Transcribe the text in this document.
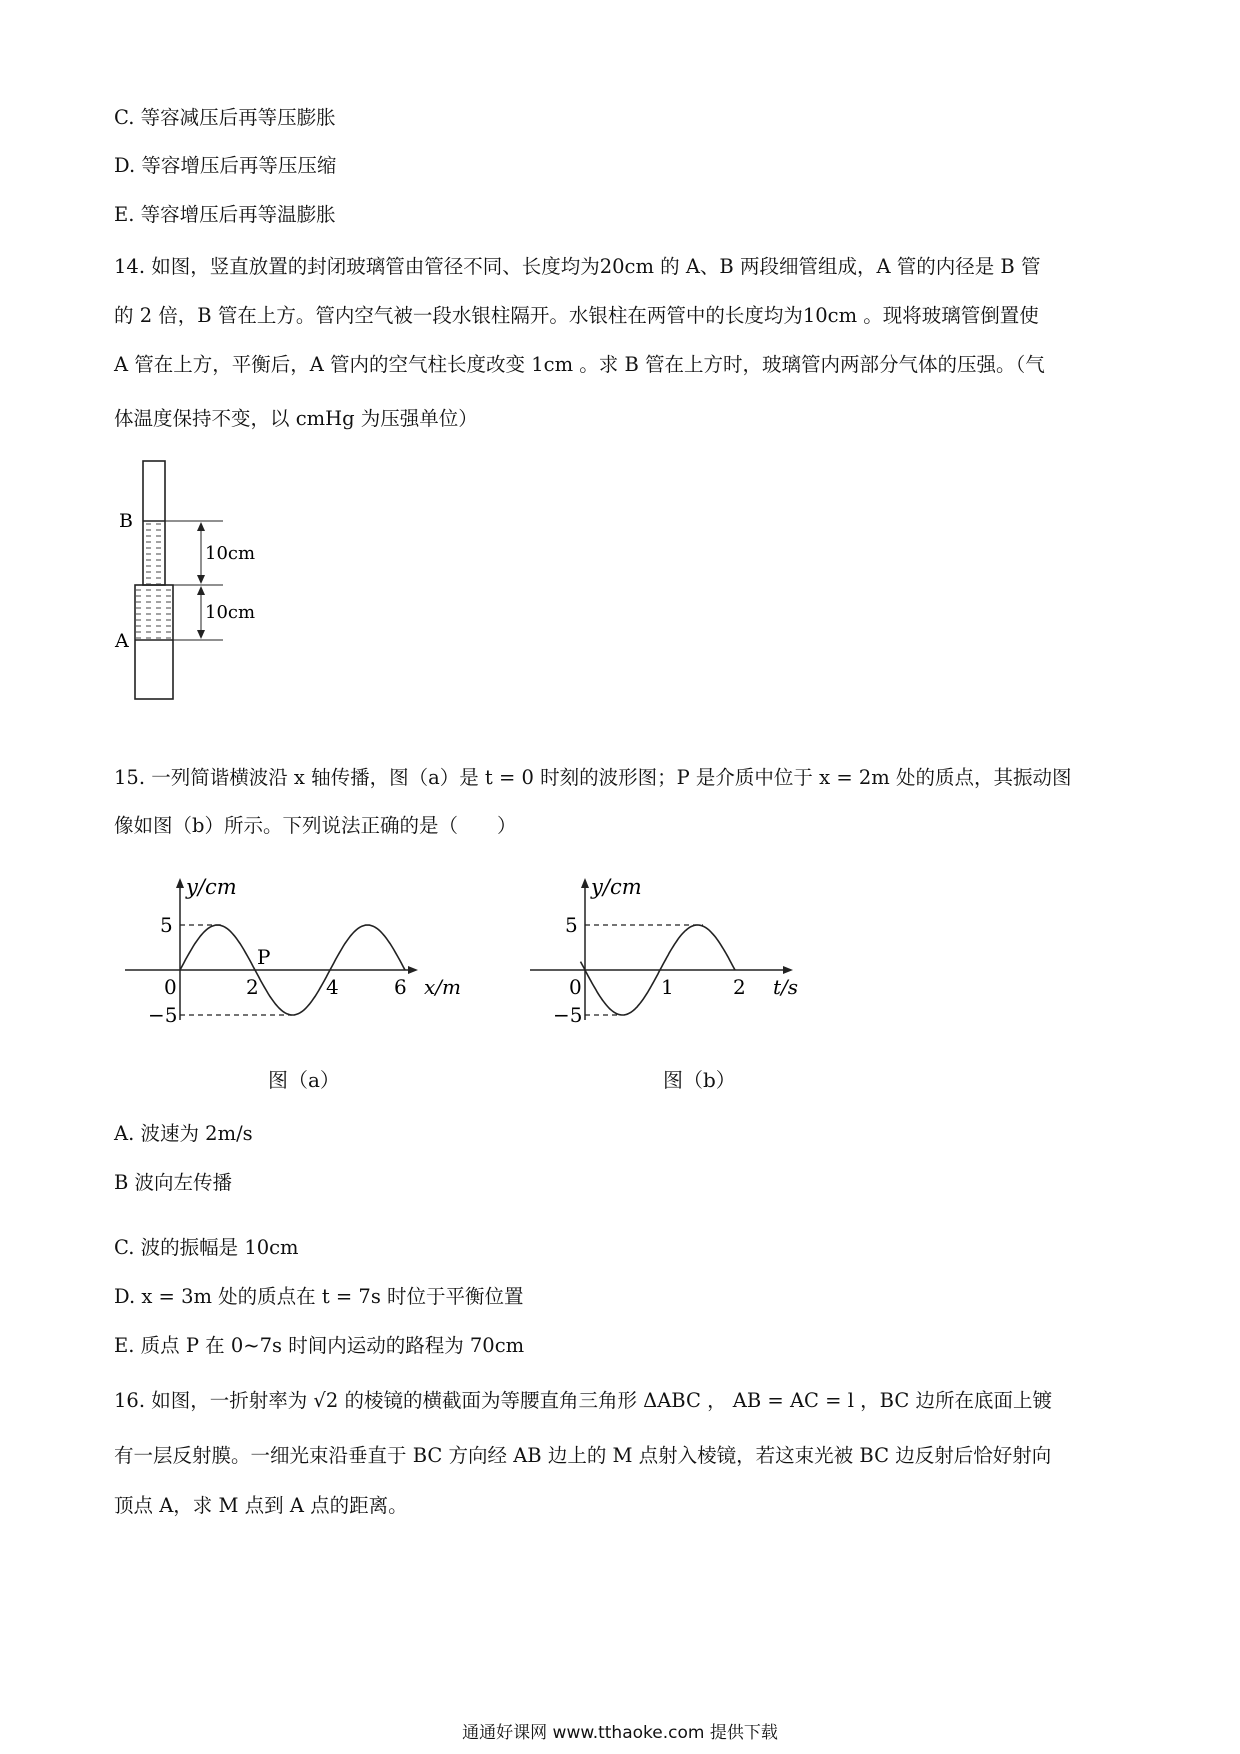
C. 等容减压后再等压膨胀
D. 等容增压后再等压压缩
E. 等容增压后再等温膨胀
14. 如图，竖直放置的封闭玻璃管由管径不同、长度均为20cm 的 A、B 两段细管组成，A 管的内径是 B 管
的 2 倍，B 管在上方。管内空气被一段水银柱隔开。水银柱在两管中的长度均为10cm 。现将玻璃管倒置使
A 管在上方，平衡后，A 管内的空气柱长度改变 1cm 。求 B 管在上方时，玻璃管内两部分气体的压强。（气
体温度保持不变，以 cmHg 为压强单位）
B
A
10cm
10cm
15. 一列简谐横波沿 x 轴传播，图（a）是 t = 0 时刻的波形图；P 是介质中位于 x = 2m 处的质点，其振动图
像如图（b）所示。下列说法正确的是（　　）
P
y/cm
5
−5
0	2	4	6 x/m
图（a）
y/cm
5
−5
0	1	2 t/s
图（b）
A. 波速为 2m/s
B 波向左传播
C. 波的振幅是 10cm
D. x = 3m 处的质点在 t = 7s 时位于平衡位置
E. 质点 P 在 0~7s 时间内运动的路程为 70cm
16. 如图，一折射率为 √2 的棱镜的横截面为等腰直角三角形 ΔABC ， AB = AC = l ，BC 边所在底面上镀
有一层反射膜。一细光束沿垂直于 BC 方向经 AB 边上的 M 点射入棱镜，若这束光被 BC 边反射后恰好射向
顶点 A，求 M 点到 A 点的距离。
通通好课网 www.tthaoke.com 提供下载
